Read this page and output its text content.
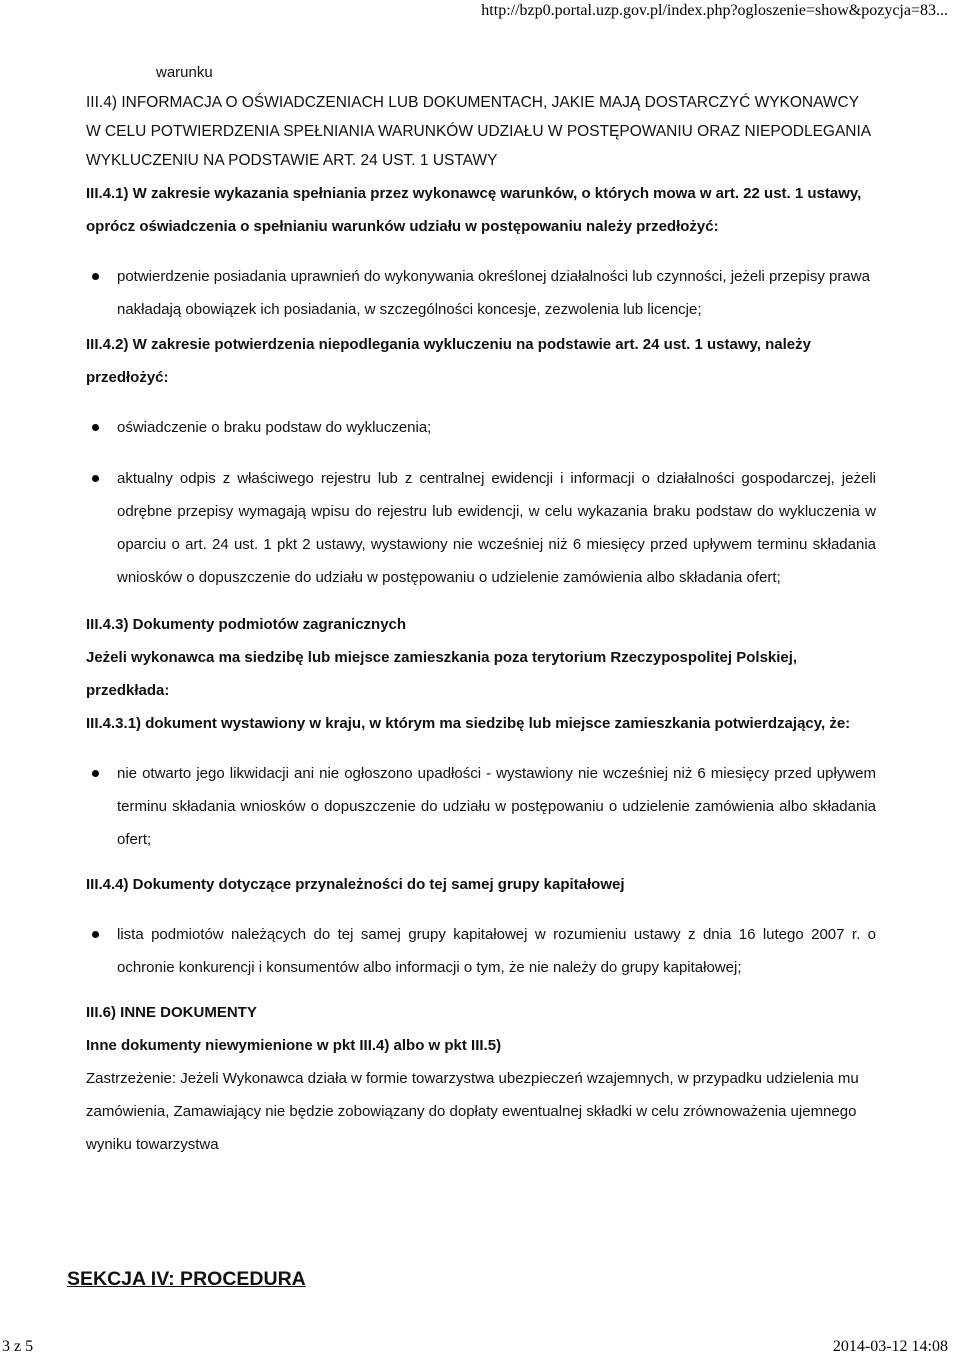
http://bzp0.portal.uzp.gov.pl/index.php?ogloszenie=show&pozycja=83...

warunku

III.4) INFORMACJA O OŚWIADCZENIACH LUB DOKUMENTACH, JAKIE MAJĄ DOSTARCZYĆ WYKONAWCY W CELU POTWIERDZENIA SPEŁNIANIA WARUNKÓW UDZIAŁU W POSTĘPOWANIU ORAZ NIEPODLEGANIA WYKLUCZENIU NA PODSTAWIE ART. 24 UST. 1 USTAWY

III.4.1) W zakresie wykazania spełniania przez wykonawcę warunków, o których mowa w art. 22 ust. 1 ustawy, oprócz oświadczenia o spełnianiu warunków udziału w postępowaniu należy przedłożyć:

potwierdzenie posiadania uprawnień do wykonywania określonej działalności lub czynności, jeżeli przepisy prawa nakładają obowiązek ich posiadania, w szczególności koncesje, zezwolenia lub licencje;

III.4.2) W zakresie potwierdzenia niepodlegania wykluczeniu na podstawie art. 24 ust. 1 ustawy, należy przedłożyć:

oświadczenie o braku podstaw do wykluczenia;
aktualny odpis z właściwego rejestru lub z centralnej ewidencji i informacji o działalności gospodarczej, jeżeli odrębne przepisy wymagają wpisu do rejestru lub ewidencji, w celu wykazania braku podstaw do wykluczenia w oparciu o art. 24 ust. 1 pkt 2 ustawy, wystawiony nie wcześniej niż 6 miesięcy przed upływem terminu składania wniosków o dopuszczenie do udziału w postępowaniu o udzielenie zamówienia albo składania ofert;

III.4.3) Dokumenty podmiotów zagranicznych

Jeżeli wykonawca ma siedzibę lub miejsce zamieszkania poza terytorium Rzeczypospolitej Polskiej, przedkłada:

III.4.3.1) dokument wystawiony w kraju, w którym ma siedzibę lub miejsce zamieszkania potwierdzający, że:

nie otwarto jego likwidacji ani nie ogłoszono upadłości - wystawiony nie wcześniej niż 6 miesięcy przed upływem terminu składania wniosków o dopuszczenie do udziału w postępowaniu o udzielenie zamówienia albo składania ofert;

III.4.4) Dokumenty dotyczące przynależności do tej samej grupy kapitałowej

lista podmiotów należących do tej samej grupy kapitałowej w rozumieniu ustawy z dnia 16 lutego 2007 r. o ochronie konkurencji i konsumentów albo informacji o tym, że nie należy do grupy kapitałowej;

III.6) INNE DOKUMENTY

Inne dokumenty niewymienione w pkt III.4) albo w pkt III.5)

Zastrzeżenie: Jeżeli Wykonawca działa w formie towarzystwa ubezpieczeń wzajemnych, w przypadku udzielenia mu zamówienia, Zamawiający nie będzie zobowiązany do dopłaty ewentualnej składki w celu zrównoważenia ujemnego wyniku towarzystwa

SEKCJA IV: PROCEDURA
3 z 5	2014-03-12 14:08
